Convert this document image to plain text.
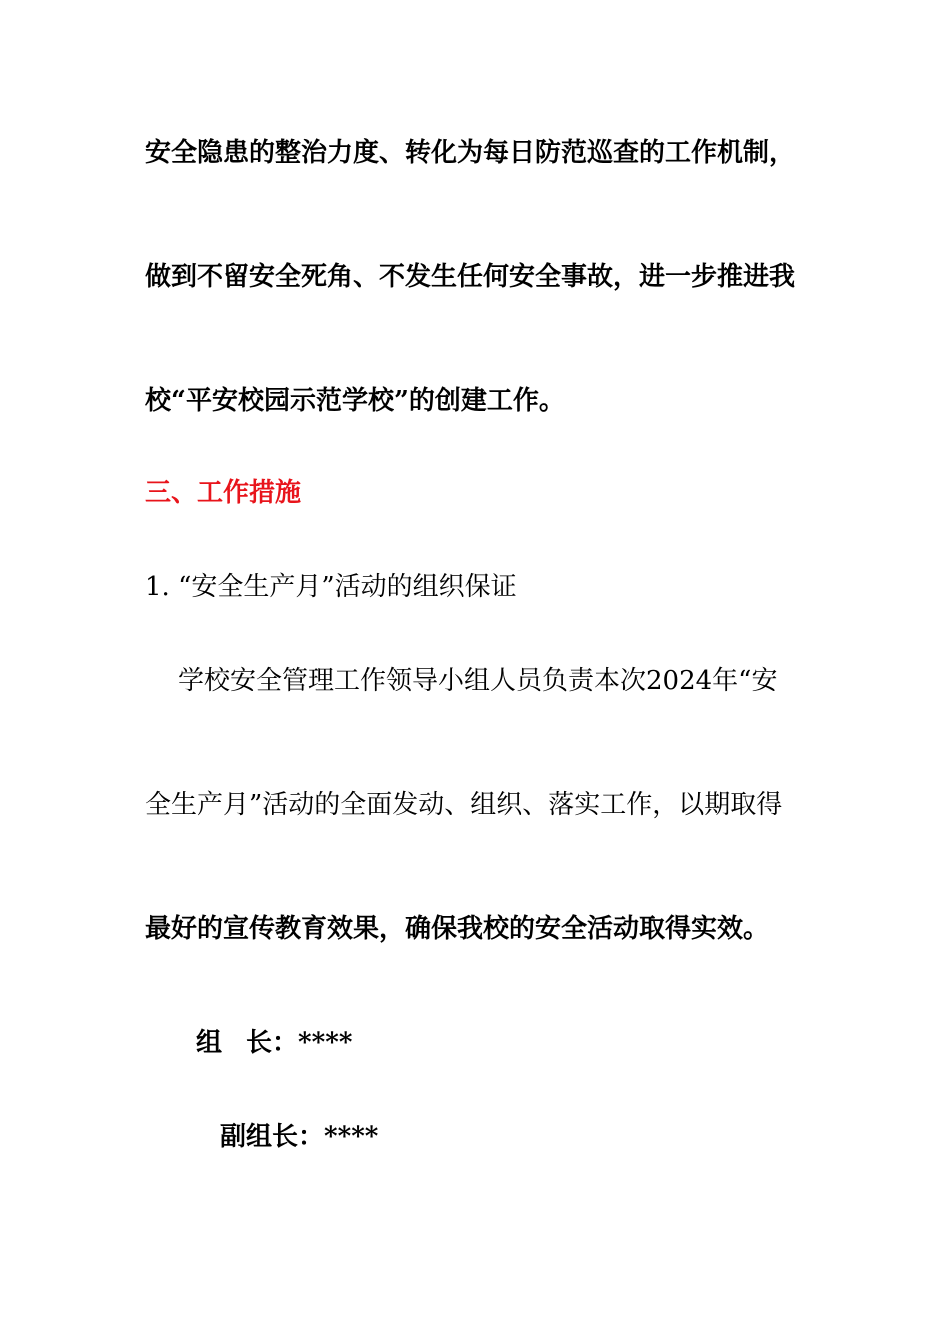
安全隐患的整治力度、转化为每日防范巡查的工作机制，
做到不留安全死角、不发生任何安全事故，进一步推进我
校“平安校园示范学校”的创建工作。
三、工作措施
1. “安全生产月”活动的组织保证
学校安全管理工作领导小组人员负责本次2024年“安
全生产月”活动的全面发动、组织、落实工作，以期取得
最好的宣传教育效果，确保我校的安全活动取得实效。
组 长：****
副组长：****
